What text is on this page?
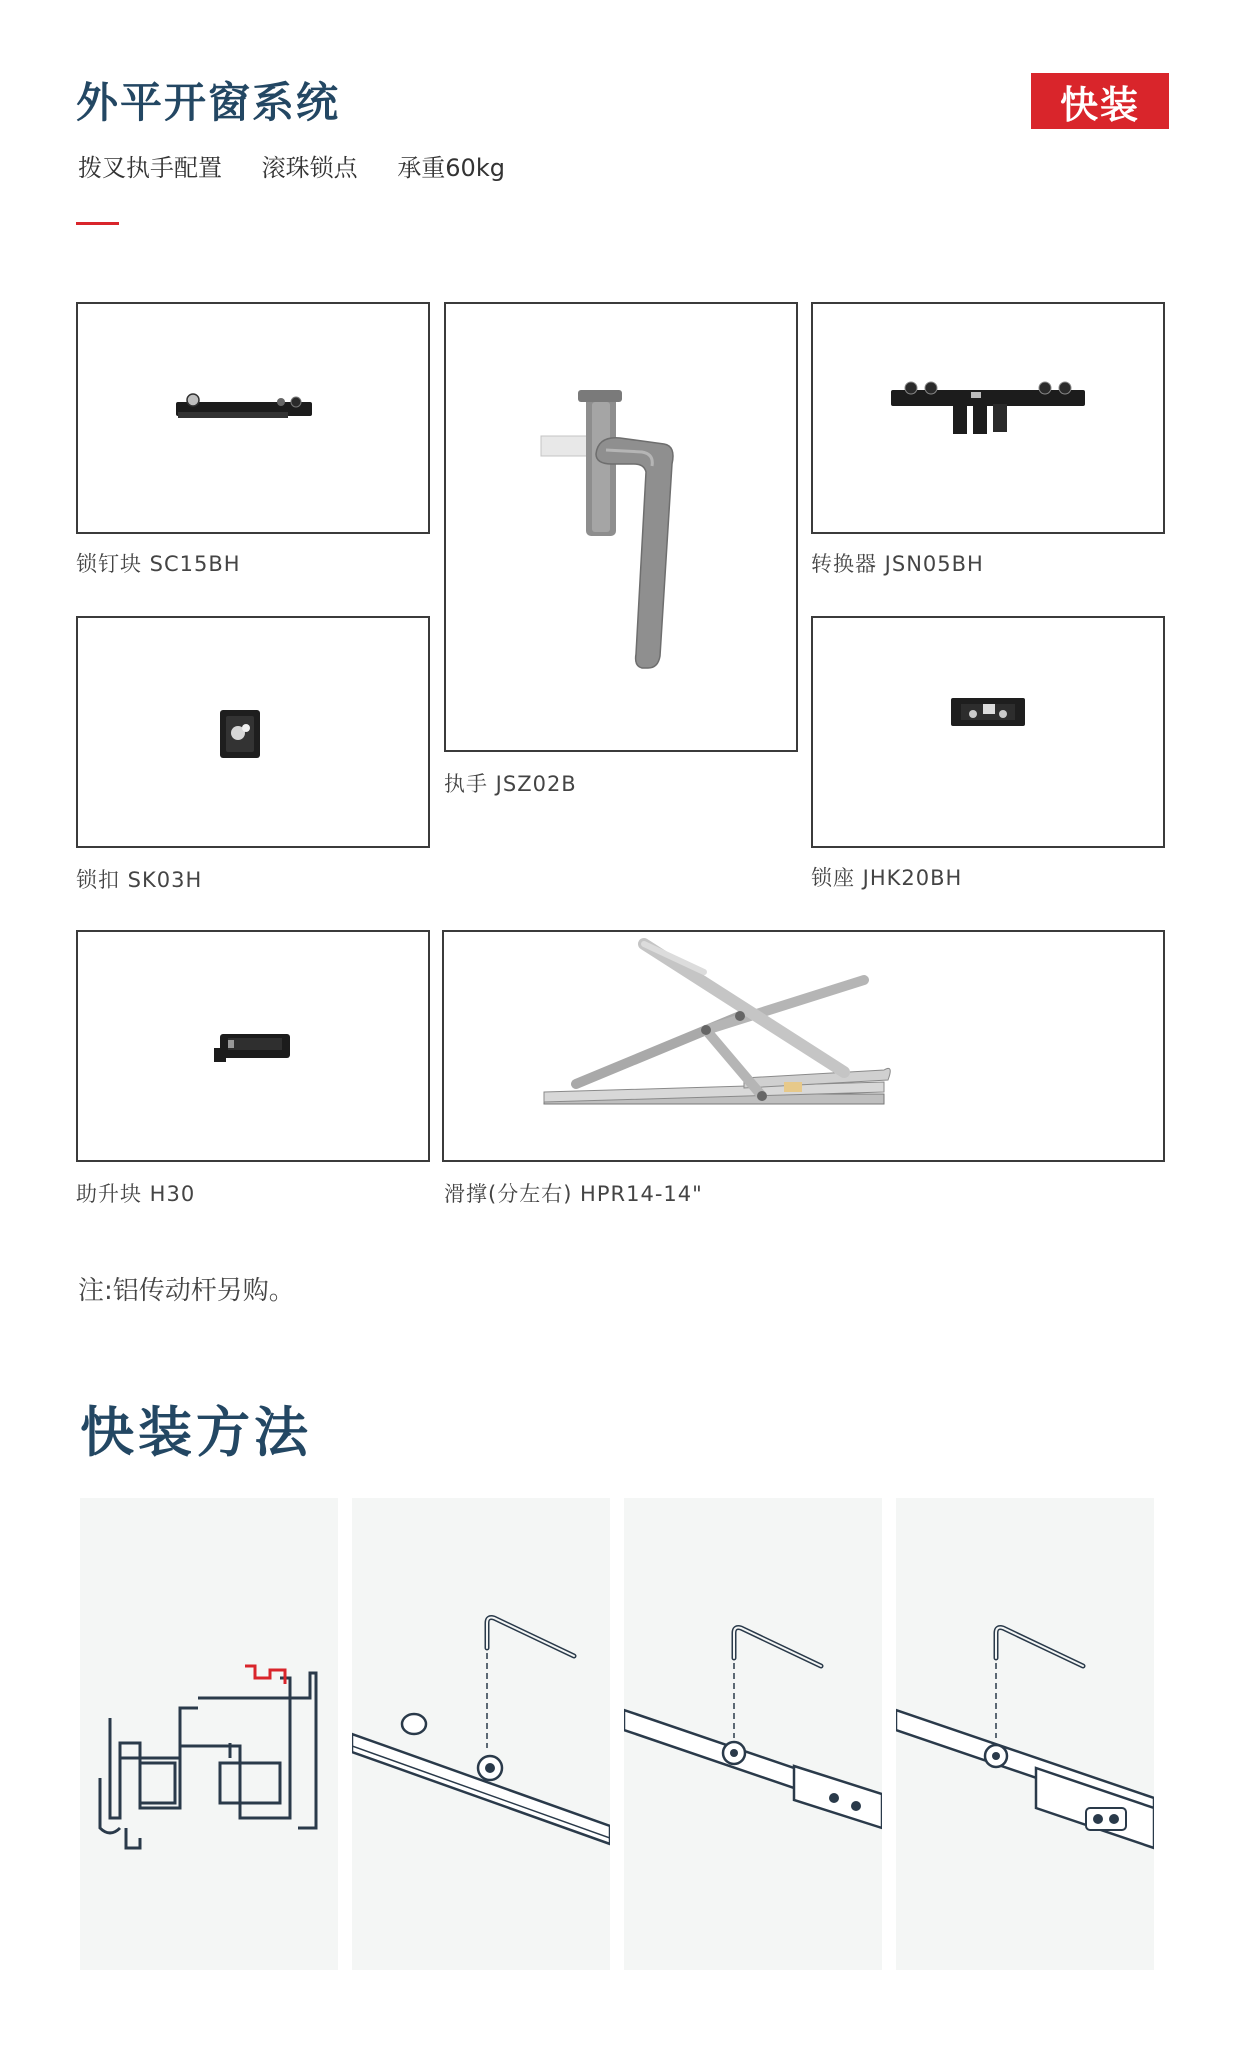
外平开窗系统
拨叉执手配置 滚珠锁点 承重60kg
快装
锁钉块 SC15BH
执手 JSZ02B
转换器 JSN05BH
锁扣 SK03H	锁座 JHK20BH
助升块 H30	滑撑(分左右) HPR14-14"
注:铝传动杆另购。
快装方法
